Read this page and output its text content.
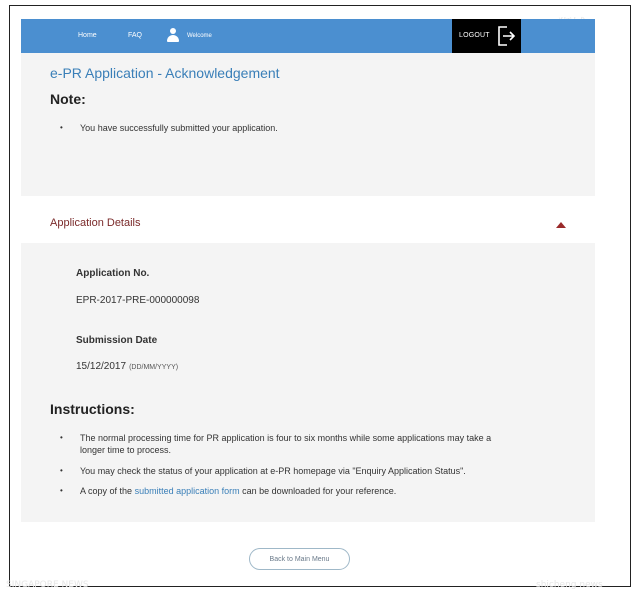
Home	FAQ	Welcome	LOGOUT
e-PR Application - Acknowledgement
Note:
• You have successfully submitted your application.
Application Details
Application No.
EPR-2017-PRE-000000098
Submission Date
15/12/2017 (DD/MM/YYYY)
Instructions:
• The normal processing time for PR application is four to six months while some applications may take a
longer time to process.
• You may check the status of your application at e-PR homepage via "Enquiry Application Status".
• A copy of the submitted application form can be downloaded for your reference.
Back to Main Menu
SINGAPORE NEWS	shicheng news
